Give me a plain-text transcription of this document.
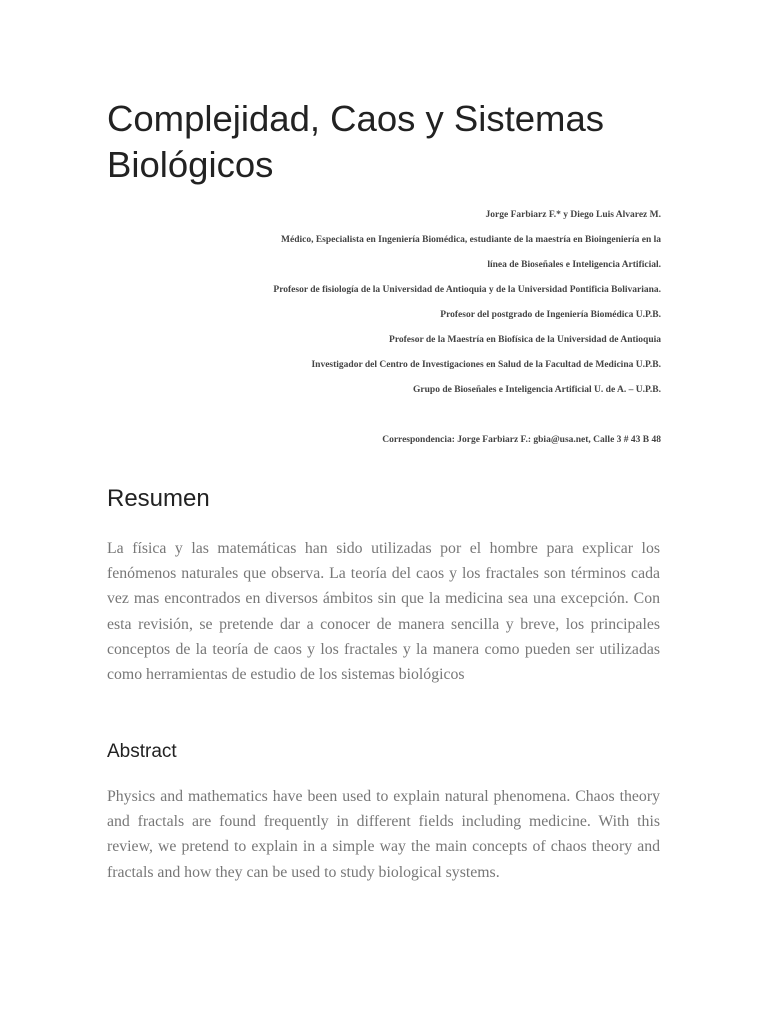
Complejidad, Caos y Sistemas
Biológicos

Jorge Farbiarz F.* y Diego Luis Alvarez M.

Médico, Especialista en Ingeniería Biomédica, estudiante de la maestría en Bioingeniería en la

línea de Bioseñales e Inteligencia Artificial.

Profesor de fisiología de la Universidad de Antioquia y de la Universidad Pontificia Bolivariana.

Profesor del postgrado de Ingeniería Biomédica U.P.B.

Profesor de la Maestría en Biofísica de la Universidad de Antioquia

Investigador del Centro de Investigaciones en Salud de la Facultad de Medicina U.P.B.

Grupo de Bioseñales e Inteligencia Artificial U. de A. – U.P.B.

Correspondencia: Jorge Farbiarz F.: gbia@usa.net, Calle 3 # 43 B 48

Resumen

La física y las matemáticas han sido utilizadas por el hombre para explicar los fenómenos naturales que observa. La teoría del caos y los fractales son términos cada vez mas encontrados en diversos ámbitos sin que la medicina sea una excepción. Con esta revisión, se pretende dar a conocer de manera sencilla y breve, los principales conceptos de la teoría de caos y los fractales y la manera como pueden ser utilizadas como herramientas de estudio de los sistemas biológicos

Abstract

Physics and mathematics have been used to explain natural phenomena. Chaos theory and fractals are found frequently in different fields including medicine. With this review, we pretend to explain in a simple way the main concepts of chaos theory and fractals and how they can be used to study biological systems.
